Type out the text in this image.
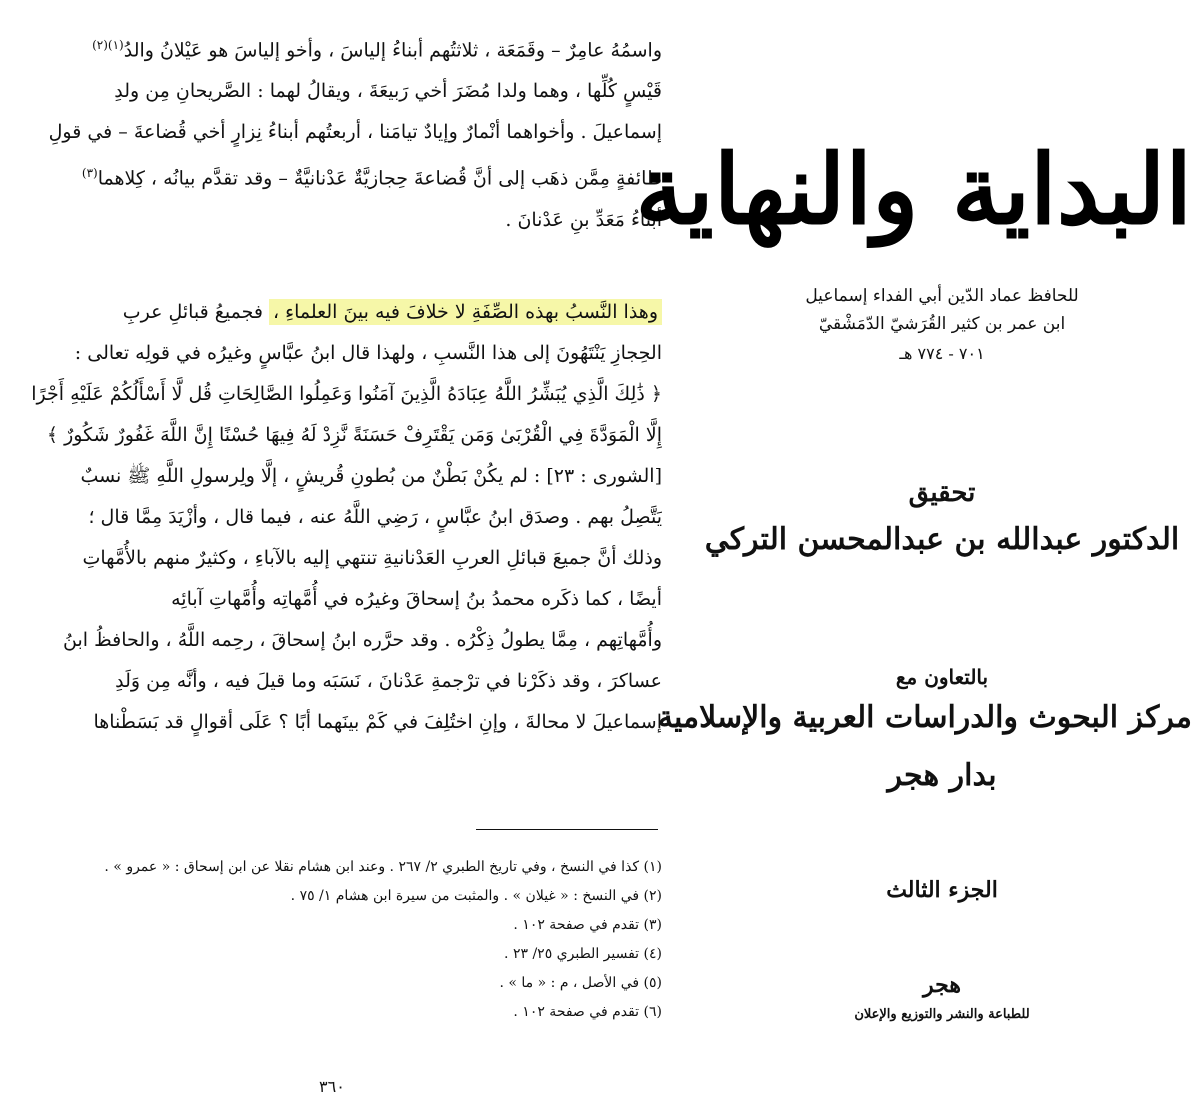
واسمُهُ عامِرٌ – وقَمَعَة ، ثلاثتُهم أبناءُ إلياسَ ، وأخو إلياسَ هو عَيْلانُ والدُ$^{(١)(٢)}$
قَيْسٍ كُلِّها ، وهما ولدا مُضَرَ أخي رَبيعَةَ ، ويقالُ لهما : الصَّريحانِ مِن ولدِ
إسماعيلَ . وأخواهما أنْمارٌ وإيادٌ تيامَنا ، أربعتُهم أبناءُ نِزارٍ أخي قُضاعةَ – في قولِ
طائفةٍ مِمَّن ذهَب إلى أنَّ قُضاعةَ حِجازيَّةٌ عَدْنانيَّةٌ – وقد تقدَّم بيانُه ، كِلاهما$^{(٣)}$
أبناءُ مَعَدِّ بنِ عَدْنانَ .
وهذا النَّسبُ بهذه الصِّفَةِ لا خلافَ فيه بينَ العلماءِ ، فجميعُ قبائلِ عربِ
الحِجازِ يَنْتَهُونَ إلى هذا النَّسبِ ، ولهذا قال ابنُ عبَّاسٍ وغيرُه في قولِه تعالى :
﴿ ذَٰلِكَ الَّذِي يُبَشِّرُ اللَّهُ عِبَادَهُ الَّذِينَ آمَنُوا وَعَمِلُوا الصَّالِحَاتِ قُل لَّا أَسْأَلُكُمْ عَلَيْهِ أَجْرًا
إِلَّا الْمَوَدَّةَ فِي الْقُرْبَىٰ وَمَن يَقْتَرِفْ حَسَنَةً نَّزِدْ لَهُ فِيهَا حُسْنًا إِنَّ اللَّهَ غَفُورٌ شَكُورٌ ﴾
[الشورى : ٢٣] : لم يكُنْ بَطْنٌ من بُطونِ قُريشٍ ، إلَّا ولِرسولِ اللَّهِ ﷺ نسبٌ
يَتَّصِلُ بهم . وصدَق ابنُ عبَّاسٍ ، رَضِي اللَّهُ عنه ، فيما قال ، وأزْيَدَ مِمَّا قال ؛
وذلك أنَّ جميعَ قبائلِ العربِ العَدْنانيةِ تنتهي إليه بالآباءِ ، وكثيرٌ منهم بالأُمَّهاتِ
أيضًا ، كما ذكَره محمدُ بنُ إسحاقَ وغيرُه في أُمَّهاتِه وأُمَّهاتِ آبائِه
وأُمَّهاتِهم ، مِمَّا يطولُ ذِكْرُه . وقد حرَّره ابنُ إسحاقَ ، رحِمه اللَّهُ ، والحافظُ ابنُ
عساكرَ ، وقد ذكَرْنا في ترْجمةِ عَدْنانَ ، نَسَبَه وما قيلَ فيه ، وأنَّه مِن وَلَدِ
إسماعيلَ لا محالةَ ، وإنِ اختُلِفَ في كَمْ بينَهما أبًا ؟ عَلَى أقوالٍ قد بَسَطْناها
(١) كذا في النسخ ، وفي تاريخ الطبري ٢/ ٢٦٧ . وعند ابن هشام نقلا عن ابن إسحاق : « عمرو » .
(٢) في النسخ : « غيلان » . والمثبت من سيرة ابن هشام ١/ ٧٥ .
(٣) تقدم في صفحة ١٠٢ .
(٤) تفسير الطبري ٢٥/ ٢٣ .
(٥) في الأصل ، م : « ما » .
(٦) تقدم في صفحة ١٠٢ .
٣٦٠
البداية والنهاية
للحافظ عماد الدّين أبي الفداء إسماعيل
ابن عمر بن كثير القُرَشيّ الدّمَشْقيّ
٧٠١ - ٧٧٤ هـ
تحقيق
الدكتور عبدالله بن عبدالمحسن التركي
بالتعاون مع
مركز البحوث والدراسات العربية والإسلامية
بدار هجر
الجزء الثالث
هجر
للطباعة والنشر والتوزيع والإعلان
